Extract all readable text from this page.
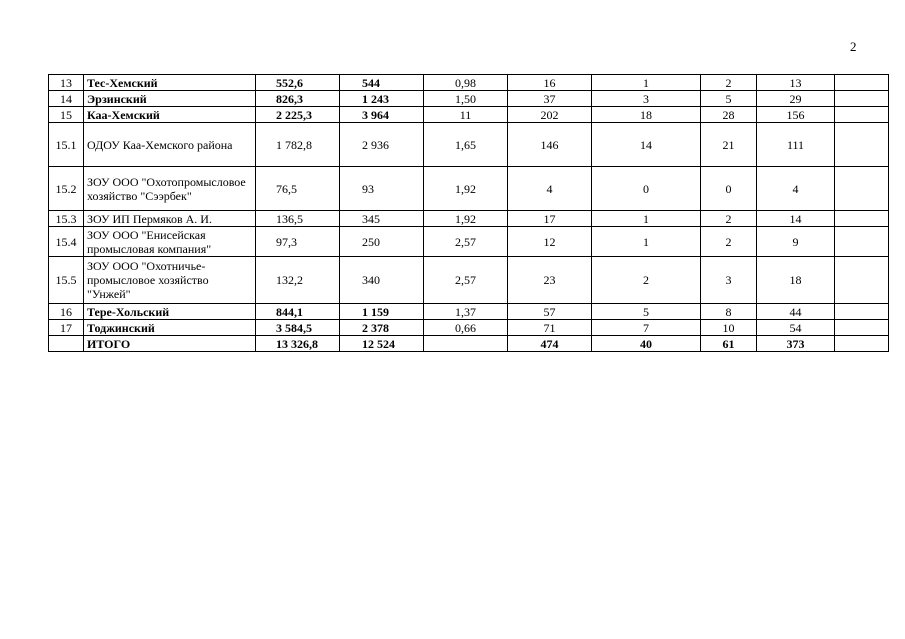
2
13	Тес-Хемский	552,6	544	0,98	16	1	2	13	
14	Эрзинский	826,3	1 243	1,50	37	3	5	29	
15	Каа-Хемский	2 225,3	3 964	11	202	18	28	156	
15.1	ОДОУ Каа-Хемского района	1 782,8	2 936	1,65	146	14	21	111	
15.2	ЗОУ ООО "Охотопромысловое хозяйство "Сээрбек"	76,5	93	1,92	4	0	0	4	
15.3	ЗОУ ИП Пермяков А. И.	136,5	345	1,92	17	1	2	14	
15.4	ЗОУ ООО "Енисейская промысловая компания"	97,3	250	2,57	12	1	2	9	
15.5	ЗОУ ООО "Охотничье-промысловое хозяйство "Унжей"	132,2	340	2,57	23	2	3	18	
16	Тере-Хольский	844,1	1 159	1,37	57	5	8	44	
17	Тоджинский	3 584,5	2 378	0,66	71	7	10	54	
	ИТОГО	13 326,8	12 524		474	40	61	373	
